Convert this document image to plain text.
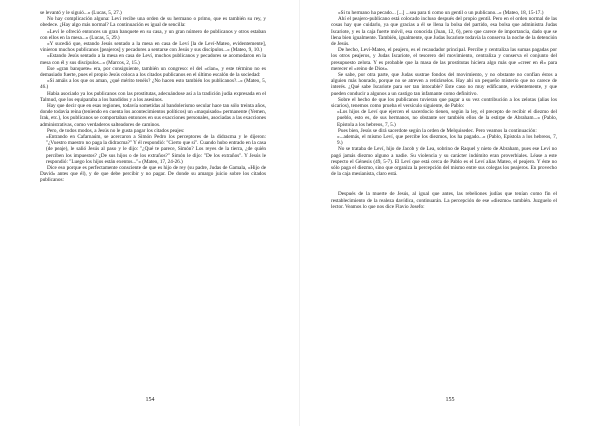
se levantó y le siguió...» (Lucas, 5, 27.)

No hay complicación alguna: Leví recibe una orden de su hermano o primo, que es también su rey, y obedece. ¿Hay algo más normal? La continuación es igual de sencilla:

«Leví le ofreció entonces un gran banquete en su casa, y un gran número de publicanos y otros estaban con ellos en la mesa...» (Lucas, 5, 29.)

«Y sucedió que, estando Jesús sentado a la mesa en casa de Leví [la de Leví-Mateo, evidentemente], vinieron muchos publicanos [peajeros] y pecadores a sentarse con Jesús y sus discípulos...» (Mateo, 9, 10.)

«Estando Jesús sentado a la mesa en casa de Leví, muchos publicanos y pecadores se acomodaron en la mesa con él y sus discípulos...» (Marcos, 2, 15.)

Ese «gran banquete» era, por consiguiente, también un congreso: el del «clan», y este término no es demasiado fuerte, pues el propio Jesús coloca a los citados publicanos en el último escalón de la sociedad:

«Si amáis a los que os aman, ¿qué mérito tenéis? ¿No hacen esto también los publicanos?...» (Mateo, 5, 46.)

Había asociado ya los publicanos con las prostitutas, adecuándose así a la tradición judía expresada en el Talmud, que los equiparaba a los bandidos y a los asesinos.

Hay que decir que en esas regiones, todavía sometidas al bandolerismo secular hace tan sólo treinta años, donde todavía reina (teniendo en cuenta los acontecimientos políticos) un «maquisado» permanente (Yemen, Irak, etc.), los publicanos se comportaban entonces en sus exacciones personales, asociadas a las exacciones administrativas, como verdaderos salteadores de caminos.

Pero, de todos modos, a Jesús no le gusta pagar los citados peajes:

«Entrando en Cafarnaúm, se acercaron a Simón Pedro los perceptores de la didracma y le dijeron: "¿Vuestro maestro no paga la didracma?" Y él respondió: "Cierto que sí". Cuando hubo entrado en la casa (de peaje), le salió Jesús al paso y le dijo: "¿Qué te parece, Simón? Los reyes de la tierra, ¿de quién perciben los impuestos? ¿De sus hijos o de los extraños?" Simón le dijo: "De los extraños". Y Jesús le respondió: "Luego los hijos están exentos..."» (Mateo, 17, 24-26.)

Dice eso porque es perfectamente consciente de que es hijo de rey (su padre, Judas de Gamala, «Hijo de David» antes que él), y de que debe percibir y no pagar. De donde su amargo juicio sobre los citados publicanos:

154

«Si tu hermano ha pecado... [...] ...sea para ti como un gentil o un publicano...» (Mateo, 18, 15-17.)

Ahí el peajero-publicano está colocado incluso después del propio gentil. Pero en el orden normal de las cosas hay que cuidarlo, ya que gracias a él se llena la bolsa del partido, esa bolsa que administra Judas Iscariote, y es la caja fuerte móvil, esa conocida (Juan, 12, 6), pero que carece de importancia, dado que se llena bien igualmente. También, igualmente, que Judas Iscariote todavía la conserva la noche de la detención de Jesús.

De hecho, Leví-Mateo, el peajero, es el recaudador principal. Percibe y centraliza las sumas pagadas por los otros peajeros, y Judas Iscariote, el tesorero del movimiento, centraliza y conserva el conjunto del presupuesto zelota. Y es probable que la masa de las prostitutas hiciera algo más que «creer en él» para merecer el «reino de Dios».

Se sabe, por otra parte, que Judas sustrae fondos del movimiento, y no obstante no confían éstos a alguien más honrado, porque no se atreven a retirárselos. Hay ahí un pequeño misterio que no carece de interés. ¿Qué sabe Iscariote para ser tan intocable? Este caso no muy edificante, evidentemente, y que pueden conducir a algunos a un castigo tan infamante como definitivo.

Sobre el hecho de que los publicanos tuvieran que pagar a su vez contribución a los zelotas (alias los sicarios), tenemos como prueba el versículo siguiente, de Pablo:

«Los hijos de Leví que ejercen el sacerdocio tienen, según la ley, el precepto de recibir el diezmo del pueblo, esto es, de sus hermanos, no obstante ser también ellos de la estirpe de Abraham...» (Pablo, Epístola a los hebreos, 7, 5.)

Pues bien, Jesús se dirá sacerdote según la orden de Melquisedec. Pero veamos la continuación:

«...además, el mismo Leví, que percibe los diezmos, los ha pagado...» (Pablo, Epístola a los hebreos, 7, 9.)

No se trataba de Leví, hijo de Jacob y de Lea, sobrino de Raquel y nieto de Abraham, pues ese Leví no pagó jamás diezmo alguno a nadie. Su violencia y su carácter indómito eran proverbiales. Léase a este respecto el Génesis (49, 5-7). El Leví que está cerca de Pablo es el Leví alias Mateo, el peajero. Y éste no sólo paga el diezmo, sino que organiza la percepción del mismo entre sus colegas los peajeros. En provecho de la caja mesianista, claro está.

Después de la muerte de Jesús, al igual que antes, las rebeliones judías que tenían como fin el restablecimiento de la realeza davídica, continuarán. La percepción de ese «diezmo» también. Juzguelo el lector. Veamos lo que nos dice Flavio Josefo:

155
